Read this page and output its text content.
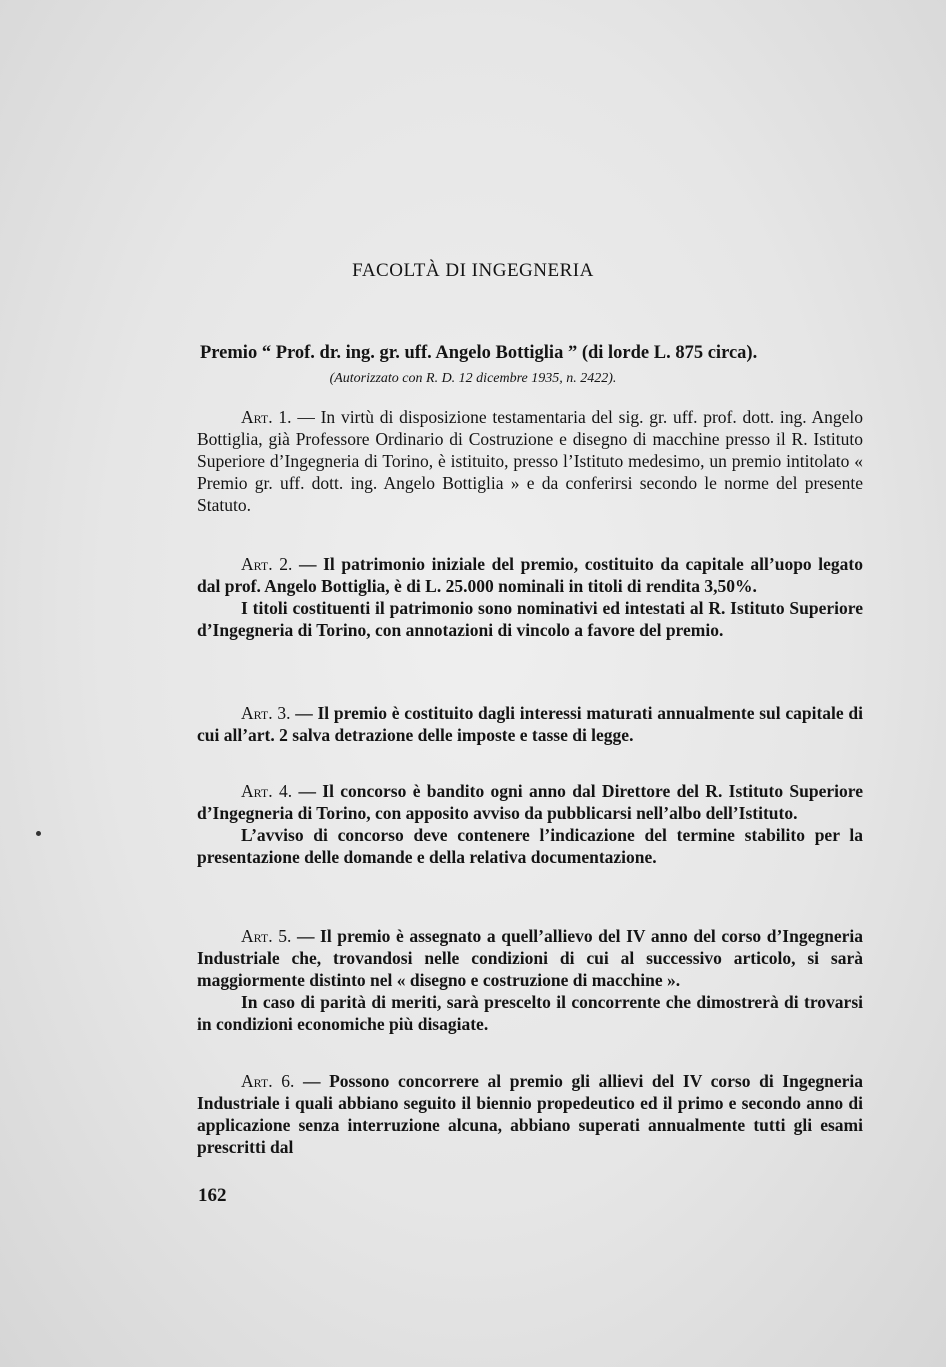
FACOLTÀ DI INGEGNERIA
Premio “ Prof. dr. ing. gr. uff. Angelo Bottiglia ” (di lorde L. 875 circa).
(Autorizzato con R. D. 12 dicembre 1935, n. 2422).

Art. 1. — In virtù di disposizione testamentaria del sig. gr. uff. prof. dott. ing. Angelo Bottiglia, già Professore Ordinario di Costruzione e disegno di macchine presso il R. Istituto Superiore d’Ingegneria di Torino, è istituito, presso l’Istituto medesimo, un premio intitolato « Premio gr. uff. dott. ing. Angelo Bottiglia » e da conferirsi secondo le norme del presente Statuto.

Art. 2. — Il patrimonio iniziale del premio, costituito da capitale all’uopo legato dal prof. Angelo Bottiglia, è di L. 25.000 nominali in titoli di rendita 3,50%.

I titoli costituenti il patrimonio sono nominativi ed intestati al R. Istituto Superiore d’Ingegneria di Torino, con annotazioni di vincolo a favore del premio.

Art. 3. — Il premio è costituito dagli interessi maturati annualmente sul capitale di cui all’art. 2 salva detrazione delle imposte e tasse di legge.

Art. 4. — Il concorso è bandito ogni anno dal Direttore del R. Istituto Superiore d’Ingegneria di Torino, con apposito avviso da pubblicarsi nell’albo dell’Istituto.

L’avviso di concorso deve contenere l’indicazione del termine stabilito per la presentazione delle domande e della relativa documentazione.

Art. 5. — Il premio è assegnato a quell’allievo del IV anno del corso d’Ingegneria Industriale che, trovandosi nelle condizioni di cui al successivo articolo, si sarà maggiormente distinto nel « disegno e costruzione di macchine ».

In caso di parità di meriti, sarà prescelto il concorrente che dimostrerà di trovarsi in condizioni economiche più disagiate.

Art. 6. — Possono concorrere al premio gli allievi del IV corso di Ingegneria Industriale i quali abbiano seguito il biennio propedeutico ed il primo e secondo anno di applicazione senza interruzione alcuna, abbiano superati annualmente tutti gli esami prescritti dal

162
